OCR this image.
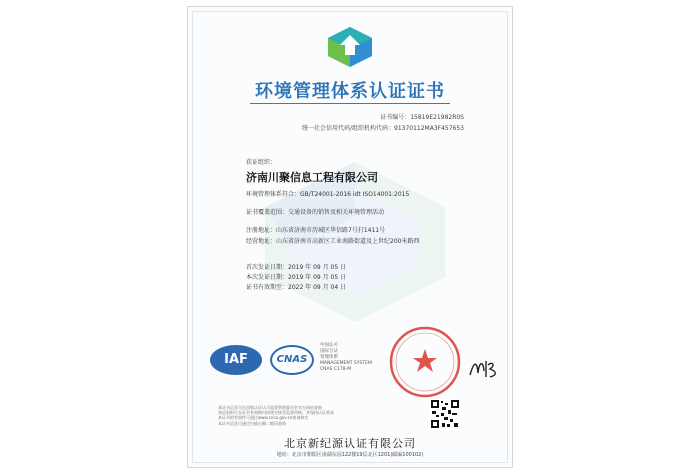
环境管理体系认证证书
证书编号：15819E21982R0S
统一社会信用代码/组织机构代码：91370112MA3F457653
获证组织：
济南川聚信息工程有限公司
环境管理体系符合：GB/T24001-2016 idt ISO14001:2015
证书覆盖范围：交通设备的销售及相关环境管理活动
注册地址：山东省济南市历城区华信路7号打1411号
经营地址：山东省济南市高新区工业南路街道及上世纪200米路西
首次发证日期：2019 年 09 月 05 日
本次发证日期：2019 年 09 月 05 日
证书有效期至：2022 年 09 月 04 日
IAF	CNAS
中国认可
国际互认
管理体系
MANAGEMENT SYSTEM
CNAS C178-M
本证书信息可在国家认证认可监督管理委员会官方网站查询
获证组织应在证书有效期内按规定接受监督审核，并保持认证要求
本证书的有效性可通过www.cnca.gov.cn查询核实
本证书信息可通过扫描右侧二维码查询
北京新纪源认证有限公司
地址：北京市朝阳区南湖东园122楼19层北区1201(邮编100102)
